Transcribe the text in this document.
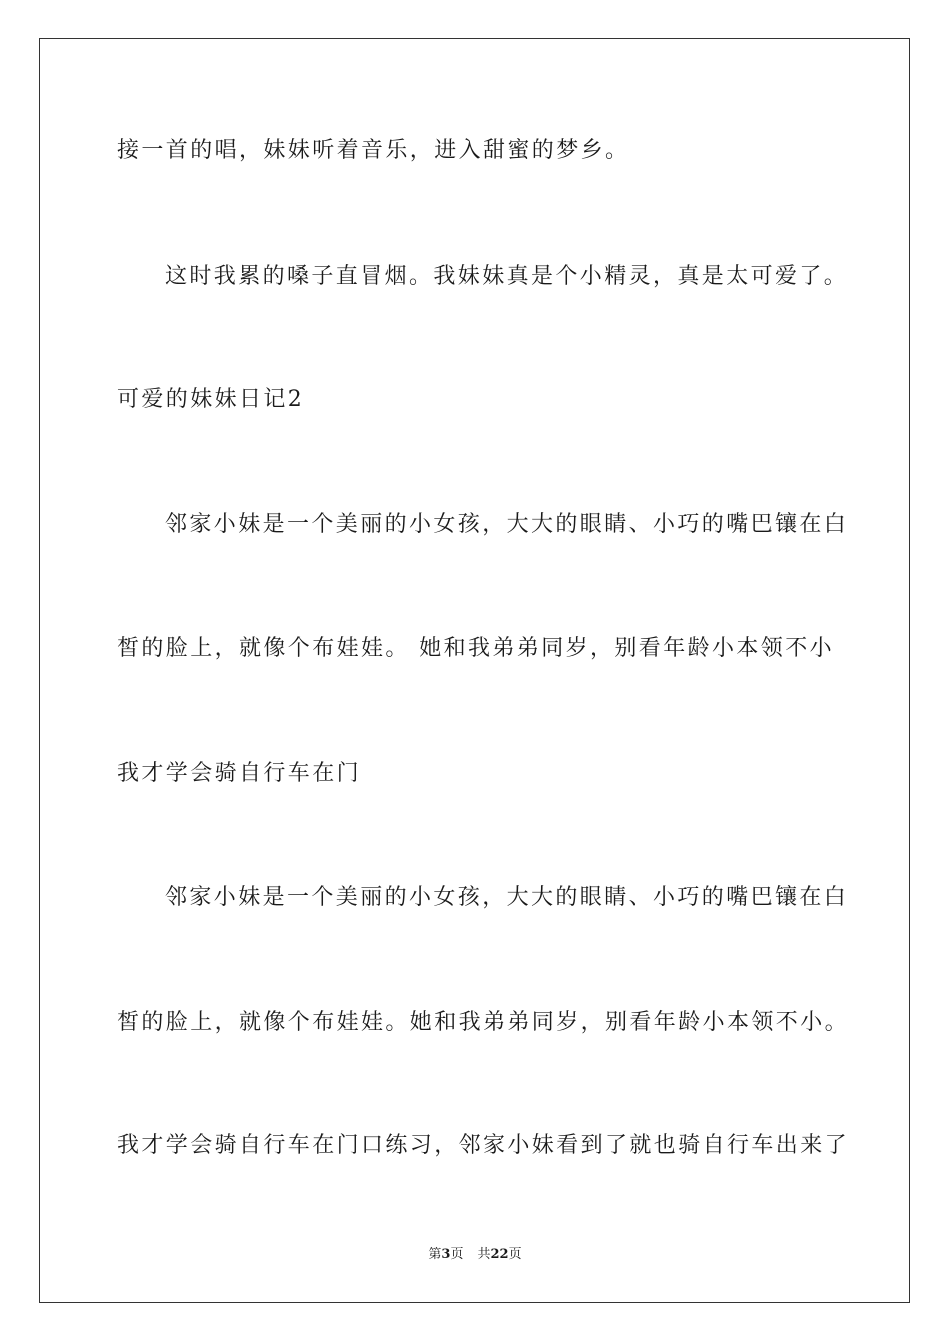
接一首的唱，妹妹听着音乐，进入甜蜜的梦乡。
这时我累的嗓子直冒烟。我妹妹真是个小精灵，真是太可爱了。
可爱的妹妹日记2
邻家小妹是一个美丽的小女孩，大大的眼睛、小巧的嘴巴镶在白
皙的脸上，就像个布娃娃。 她和我弟弟同岁，别看年龄小本领不小
我才学会骑自行车在门
邻家小妹是一个美丽的小女孩，大大的眼睛、小巧的嘴巴镶在白
皙的脸上，就像个布娃娃。她和我弟弟同岁，别看年龄小本领不小。
我才学会骑自行车在门口练习，邻家小妹看到了就也骑自行车出来了
第3页 共22页
